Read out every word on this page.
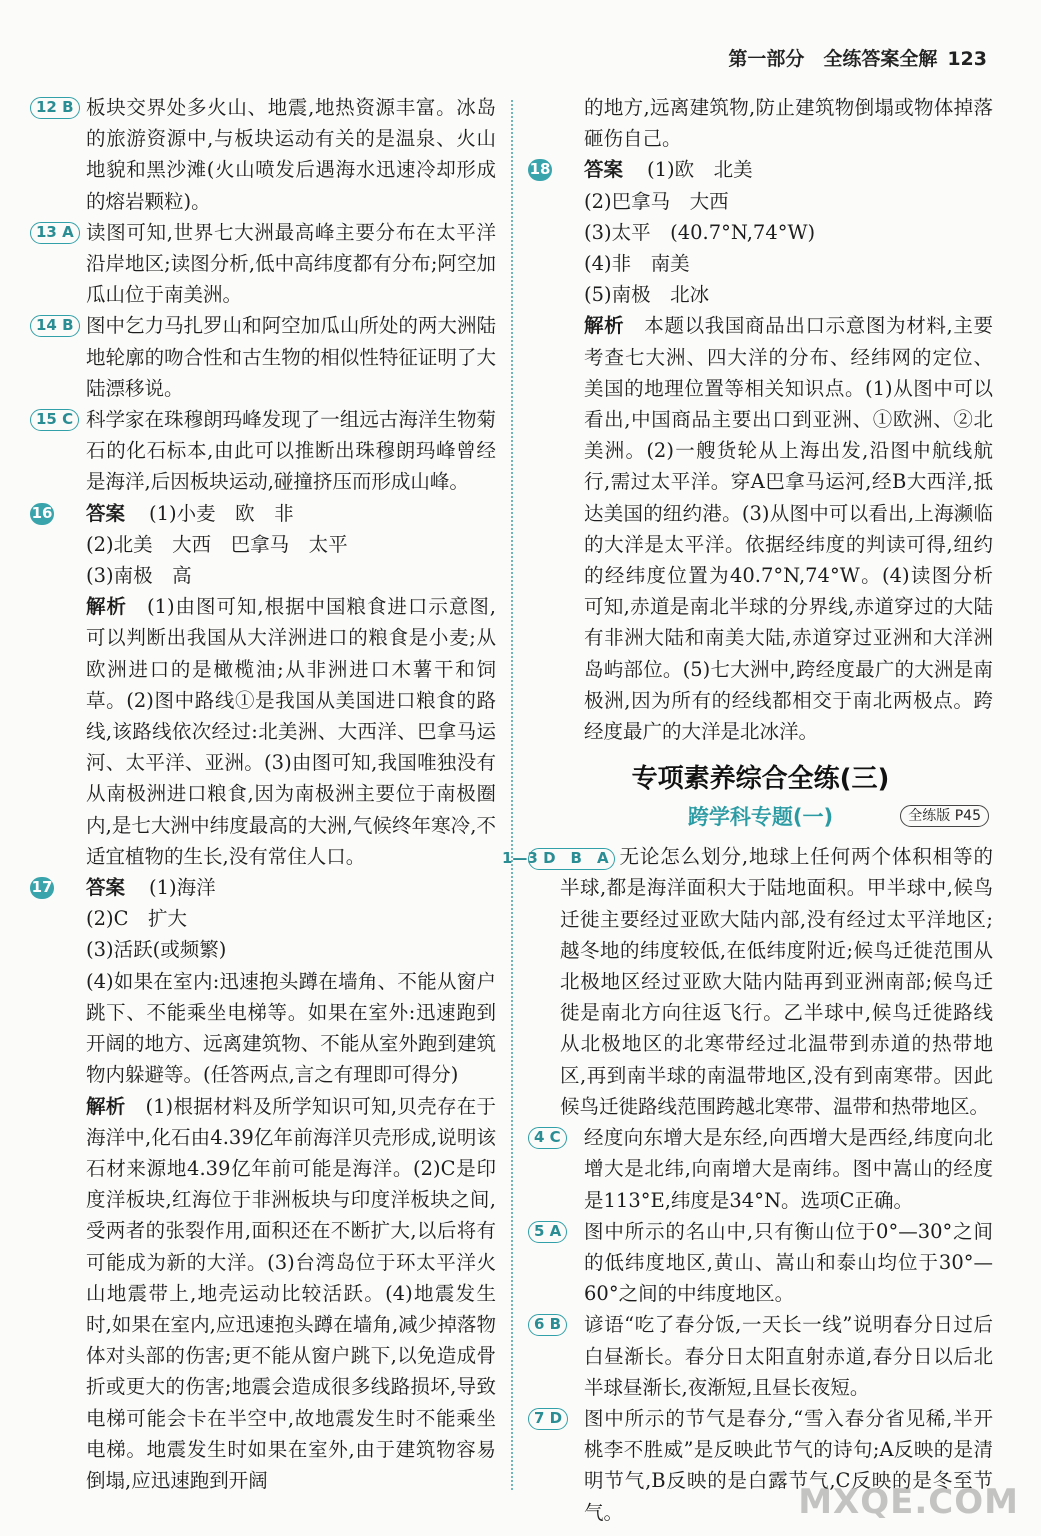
第一部分　全练答案全解 123
12 B 板块交界处多火山、地震,地热资源丰富。冰岛的旅游资源中,与板块运动有关的是温泉、火山地貌和黑沙滩(火山喷发后遇海水迅速冷却形成的熔岩颗粒)。

13 A 读图可知,世界七大洲最高峰主要分布在太平洋沿岸地区;读图分析,低中高纬度都有分布;阿空加瓜山位于南美洲。

14 B 图中乞力马扎罗山和阿空加瓜山所处的两大洲陆地轮廓的吻合性和古生物的相似性特征证明了大陆漂移说。

15 C 科学家在珠穆朗玛峰发现了一组远古海洋生物菊石的化石标本,由此可以推断出珠穆朗玛峰曾经是海洋,后因板块运动,碰撞挤压而形成山峰。

16 答案 (1)小麦　欧　非

(2)北美　大西　巴拿马　太平

(3)南极　高

解析 (1)由图可知,根据中国粮食进口示意图,可以判断出我国从大洋洲进口的粮食是小麦;从欧洲进口的是橄榄油;从非洲进口木薯干和饲草。(2)图中路线①是我国从美国进口粮食的路线,该路线依次经过:北美洲、大西洋、巴拿马运河、太平洋、亚洲。(3)由图可知,我国唯独没有从南极洲进口粮食,因为南极洲主要位于南极圈内,是七大洲中纬度最高的大洲,气候终年寒冷,不适宜植物的生长,没有常住人口。

17 答案 (1)海洋

(2)C　扩大

(3)活跃(或频繁)

(4)如果在室内:迅速抱头蹲在墙角、不能从窗户跳下、不能乘坐电梯等。如果在室外:迅速跑到开阔的地方、远离建筑物、不能从室外跑到建筑物内躲避等。(任答两点,言之有理即可得分)

解析 (1)根据材料及所学知识可知,贝壳存在于海洋中,化石由4.39亿年前海洋贝壳形成,说明该石材来源地4.39亿年前可能是海洋。(2)C是印度洋板块,红海位于非洲板块与印度洋板块之间,受两者的张裂作用,面积还在不断扩大,以后将有可能成为新的大洋。(3)台湾岛位于环太平洋火山地震带上,地壳运动比较活跃。(4)地震发生时,如果在室内,应迅速抱头蹲在墙角,减少掉落物体对头部的伤害;更不能从窗户跳下,以免造成骨折或更大的伤害;地震会造成很多线路损坏,导致电梯可能会卡在半空中,故地震发生时不能乘坐电梯。地震发生时如果在室外,由于建筑物容易倒塌,应迅速跑到开阔

的地方,远离建筑物,防止建筑物倒塌或物体掉落砸伤自己。

18 答案 (1)欧　北美

(2)巴拿马　大西

(3)太平　(40.7°N,74°W)

(4)非　南美

(5)南极　北冰

解析 本题以我国商品出口示意图为材料,主要考查七大洲、四大洋的分布、经纬网的定位、美国的地理位置等相关知识点。(1)从图中可以看出,中国商品主要出口到亚洲、①欧洲、②北美洲。(2)一艘货轮从上海出发,沿图中航线航行,需过太平洋。穿A巴拿马运河,经B大西洋,抵达美国的纽约港。(3)从图中可以看出,上海濒临的大洋是太平洋。依据经纬度的判读可得,纽约的经纬度位置为40.7°N,74°W。(4)读图分析可知,赤道是南北半球的分界线,赤道穿过的大陆有非洲大陆和南美大陆,赤道穿过亚洲和大洋洲岛屿部位。(5)七大洲中,跨经度最广的大洲是南极洲,因为所有的经线都相交于南北两极点。跨经度最广的大洋是北冰洋。

专项素养综合全练(三)
跨学科专题(一)	全练版 P45

1—3 D　B　A 无论怎么划分,地球上任何两个体积相等的半球,都是海洋面积大于陆地面积。甲半球中,候鸟迁徙主要经过亚欧大陆内部,没有经过太平洋地区;越冬地的纬度较低,在低纬度附近;候鸟迁徙范围从北极地区经过亚欧大陆内陆再到亚洲南部;候鸟迁徙是南北方向往返飞行。乙半球中,候鸟迁徙路线从北极地区的北寒带经过北温带到赤道的热带地区,再到南半球的南温带地区,没有到南寒带。因此候鸟迁徙路线范围跨越北寒带、温带和热带地区。

4 C	经度向东增大是东经,向西增大是西经,纬度向北增大是北纬,向南增大是南纬。图中嵩山的经度是113°E,纬度是34°N。选项C正确。

5 A	图中所示的名山中,只有衡山位于0°—30°之间的低纬度地区,黄山、嵩山和泰山均位于30°—60°之间的中纬度地区。

6 B	谚语“吃了春分饭,一天长一线”说明春分日过后白昼渐长。春分日太阳直射赤道,春分日以后北半球昼渐长,夜渐短,且昼长夜短。

7 D	图中所示的节气是春分,“雪入春分省见稀,半开桃李不胜威”是反映此节气的诗句;A反映的是清明节气,B反映的是白露节气,C反映的是冬至节气。	MXQE.COM
